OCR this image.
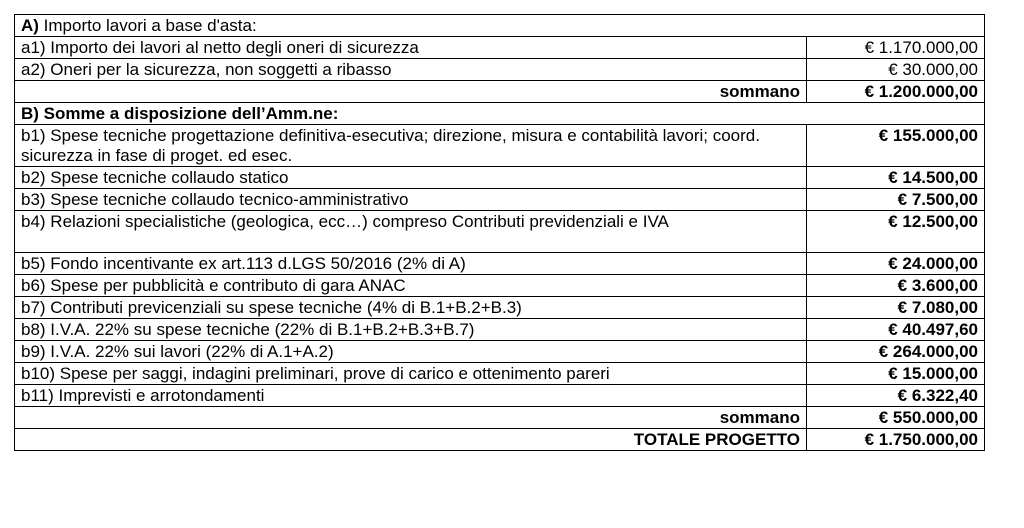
A) Importo lavori a base d'asta:	
a1) Importo dei lavori al netto degli oneri di sicurezza	€ 1.170.000,00
a2) Oneri per la sicurezza, non soggetti a ribasso	€ 30.000,00
sommano	€ 1.200.000,00
B) Somme a disposizione dell’Amm.ne:	
b1) Spese tecniche progettazione definitiva-esecutiva; direzione, misura e contabilità lavori; coord. sicurezza in fase di proget. ed esec.	€ 155.000,00
b2) Spese tecniche collaudo statico	€ 14.500,00
b3) Spese tecniche collaudo tecnico-amministrativo	€ 7.500,00
b4) Relazioni specialistiche (geologica, ecc…) compreso Contributi previdenziali e IVA	€ 12.500,00
b5) Fondo incentivante ex art.113 d.LGS 50/2016 (2% di A)	€ 24.000,00
b6) Spese per pubblicità e contributo di gara ANAC	€ 3.600,00
b7) Contributi previcenziali su spese tecniche (4% di B.1+B.2+B.3)	€ 7.080,00
b8) I.V.A. 22% su spese tecniche (22% di B.1+B.2+B.3+B.7)	€ 40.497,60
b9) I.V.A. 22% sui lavori (22% di A.1+A.2)	€ 264.000,00
b10) Spese per saggi, indagini preliminari, prove di carico e ottenimento pareri	€ 15.000,00
b11) Imprevisti e arrotondamenti	€ 6.322,40
sommano	€ 550.000,00
TOTALE PROGETTO	€ 1.750.000,00
